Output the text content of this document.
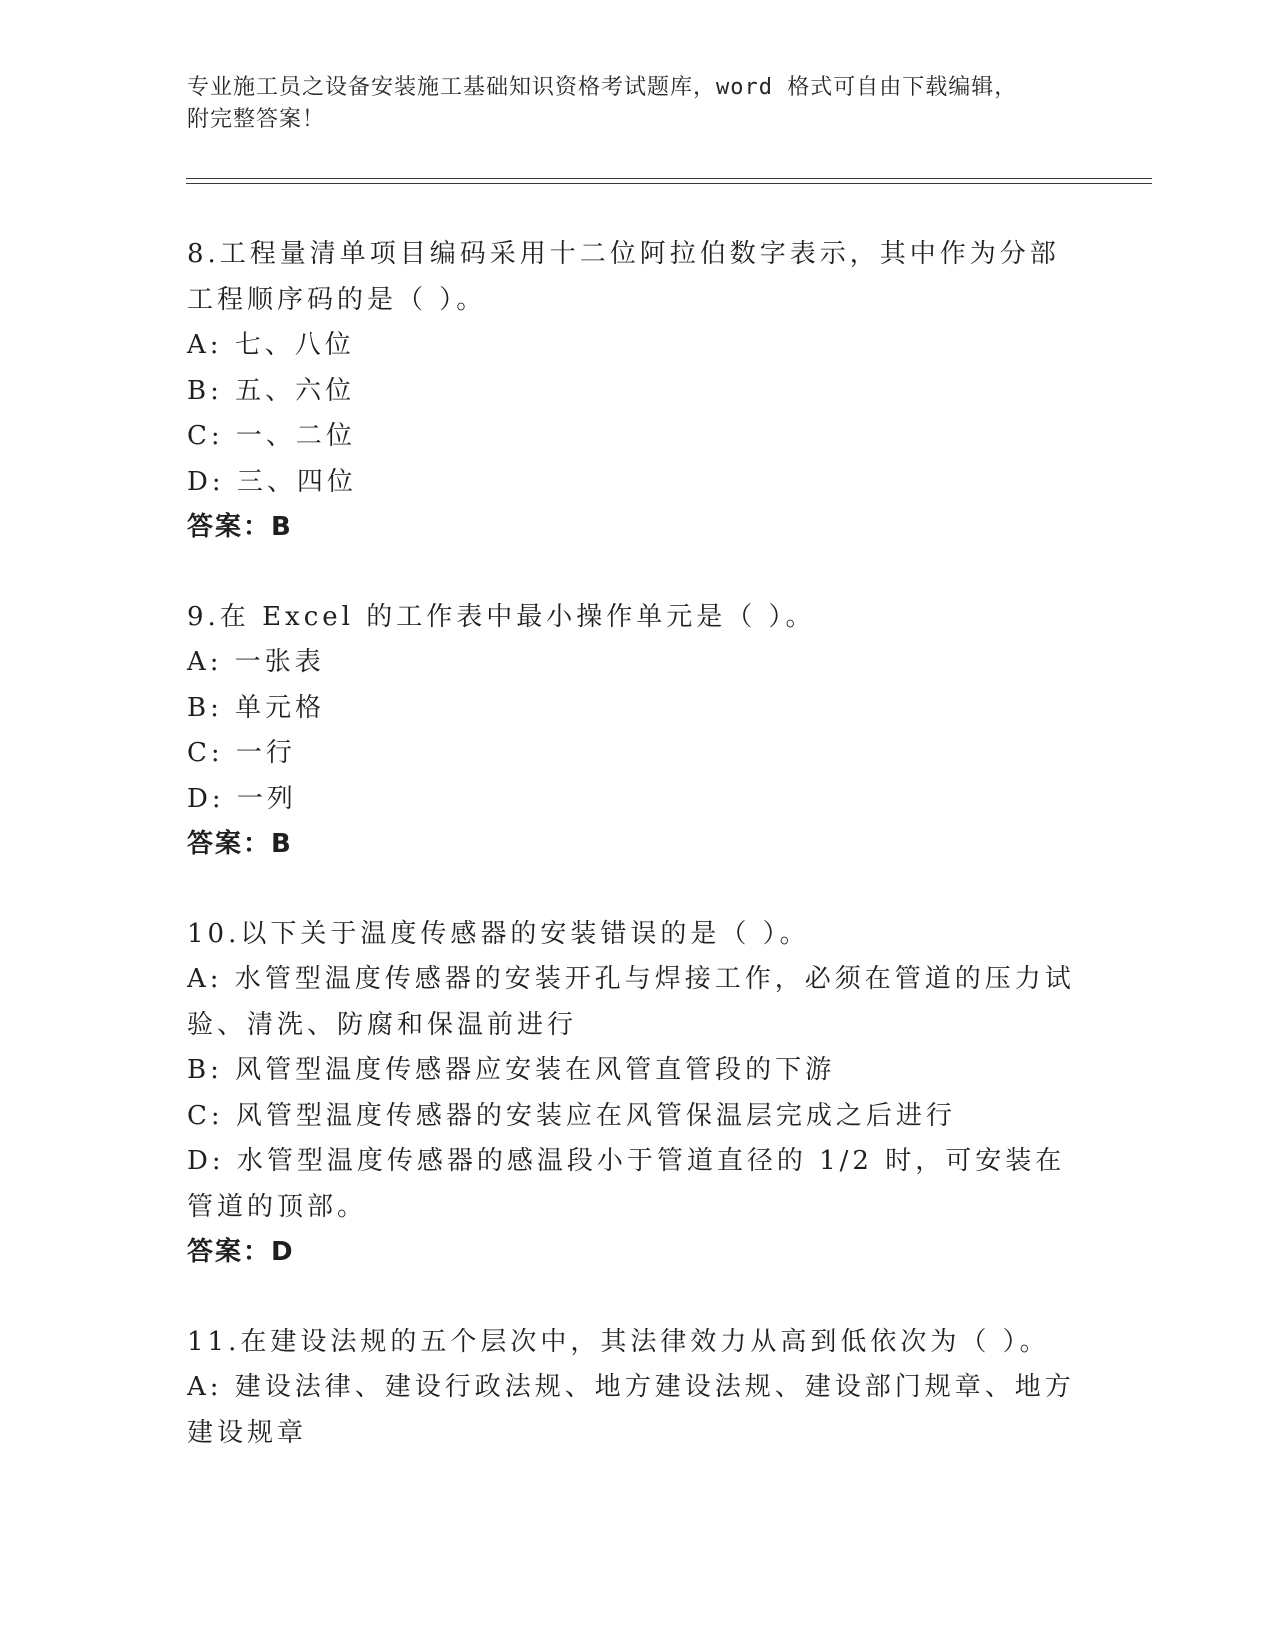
专业施工员之设备安装施工基础知识资格考试题库，word 格式可自由下载编辑，
附完整答案！
8.工程量清单项目编码采用十二位阿拉伯数字表示，其中作为分部工程顺序码的是（ ）。
A: 七、八位
B: 五、六位
C: 一、二位
D: 三、四位
答案：B
9.在 Excel 的工作表中最小操作单元是（ ）。
A: 一张表
B: 单元格
C: 一行
D: 一列
答案：B
10.以下关于温度传感器的安装错误的是（ ）。
A: 水管型温度传感器的安装开孔与焊接工作，必须在管道的压力试验、清洗、防腐和保温前进行
B: 风管型温度传感器应安装在风管直管段的下游
C: 风管型温度传感器的安装应在风管保温层完成之后进行
D: 水管型温度传感器的感温段小于管道直径的 1/2 时，可安装在管道的顶部。
答案：D
11.在建设法规的五个层次中，其法律效力从高到低依次为（ ）。
A: 建设法律、建设行政法规、地方建设法规、建设部门规章、地方建设规章
